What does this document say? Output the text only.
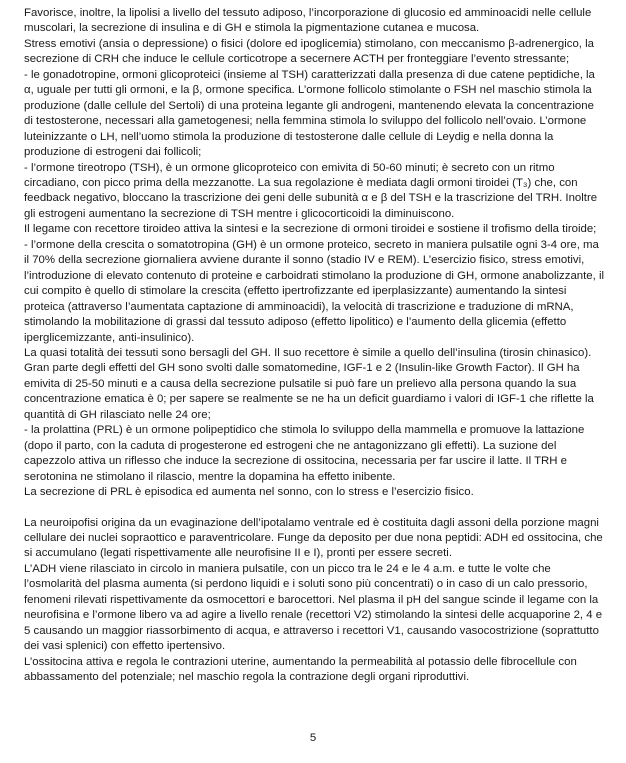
Favorisce, inoltre, la lipolisi a livello del tessuto adiposo, l’incorporazione di glucosio ed amminoacidi nelle cellule muscolari, la secrezione di insulina e di GH e stimola la pigmentazione cutanea e mucosa.

Stress emotivi (ansia o depressione) o fisici (dolore ed ipoglicemia) stimolano, con meccanismo β-adrenergico, la secrezione di CRH che induce le cellule corticotrope a secernere ACTH per fronteggiare l’evento stressante;

- le gonadotropine, ormoni glicoproteici (insieme al TSH) caratterizzati dalla presenza di due catene peptidiche, la α, uguale per tutti gli ormoni, e la β, ormone specifica. L’ormone follicolo stimolante o FSH nel maschio stimola la produzione (dalle cellule del Sertoli) di una proteina legante gli androgeni, mantenendo elevata la concentrazione di testosterone, necessari alla gametogenesi; nella femmina stimola lo sviluppo del follicolo nell’ovaio. L’ormone luteinizzante o LH, nell’uomo stimola la produzione di testosterone dalle cellule di Leydig e nella donna la produzione di estrogeni dai follicoli;

- l’ormone tireotropo (TSH), è un ormone glicoproteico con emivita di 50-60 minuti; è secreto con un ritmo circadiano, con picco prima della mezzanotte. La sua regolazione è mediata dagli ormoni tiroidei (T₃) che, con feedback negativo, bloccano la trascrizione dei geni delle subunità α e β del TSH e la trascrizione del TRH. Inoltre gli estrogeni aumentano la secrezione di TSH mentre i glicocorticoidi la diminuiscono.

Il legame con recettore tiroideo attiva la sintesi e la secrezione di ormoni tiroidei e sostiene il trofismo della tiroide;

- l’ormone della crescita o somatotropina (GH) è un ormone proteico, secreto in maniera pulsatile ogni 3-4 ore, ma il 70% della secrezione giornaliera avviene durante il sonno (stadio IV e REM). L’esercizio fisico, stress emotivi, l’introduzione di elevato contenuto di proteine e carboidrati stimolano la produzione di GH, ormone anabolizzante, il cui compito è quello di stimolare la crescita (effetto ipertrofizzante ed iperplasizzante) aumentando la sintesi proteica (attraverso l’aumentata captazione di amminoacidi), la velocità di trascrizione e traduzione di mRNA, stimolando la mobilitazione di grassi dal tessuto adiposo (effetto lipolitico) e l’aumento della glicemia (effetto iperglicemizzante, anti-insulinico).

La quasi totalità dei tessuti sono bersagli del GH. Il suo recettore è simile a quello dell’insulina (tirosin chinasico). Gran parte degli effetti del GH sono svolti dalle somatomedine, IGF-1 e 2 (Insulin-like Growth Factor). Il GH ha emivita di 25-50 minuti e a causa della secrezione pulsatile si può fare un prelievo alla persona quando la sua concentrazione ematica è 0; per sapere se realmente se ne ha un deficit guardiamo i valori di IGF-1 che riflette la quantità di GH rilasciato nelle 24 ore;

- la prolattina (PRL) è un ormone polipeptidico che stimola lo sviluppo della mammella e promuove la lattazione (dopo il parto, con la caduta di progesterone ed estrogeni che ne antagonizzano gli effetti). La suzione del capezzolo attiva un riflesso che induce la secrezione di ossitocina, necessaria per far uscire il latte. Il TRH e serotonina ne stimolano il rilascio, mentre la dopamina ha effetto inibente.

La secrezione di PRL è episodica ed aumenta nel sonno, con lo stress e l’esercizio fisico.

La neuroipofisi origina da un evaginazione dell’ipotalamo ventrale ed è costituita dagli assoni della porzione magni cellulare dei nuclei sopraottico e paraventricolare. Funge da deposito per due nona peptidi: ADH ed ossitocina, che si accumulano (legati rispettivamente alle neurofisine II e I), pronti per essere secreti.

L’ADH viene rilasciato in circolo in maniera pulsatile, con un picco tra le 24 e le 4 a.m. e tutte le volte che l’osmolarità del plasma aumenta (si perdono liquidi e i soluti sono più concentrati) o in caso di un calo pressorio, fenomeni rilevati rispettivamente da osmocettori e barocettori. Nel plasma il pH del sangue scinde il legame con la neurofisina e l’ormone libero va ad agire a livello renale (recettori V2) stimolando la sintesi delle acquaporine 2, 4 e 5 causando un maggior riassorbimento di acqua, e attraverso i recettori V1, causando vasocostrizione (soprattutto dei vasi splenici) con effetto ipertensivo.

L’ossitocina attiva e regola le contrazioni uterine, aumentando la permeabilità al potassio delle fibrocellule con abbassamento del potenziale; nel maschio regola la contrazione degli organi riproduttivi.

5
